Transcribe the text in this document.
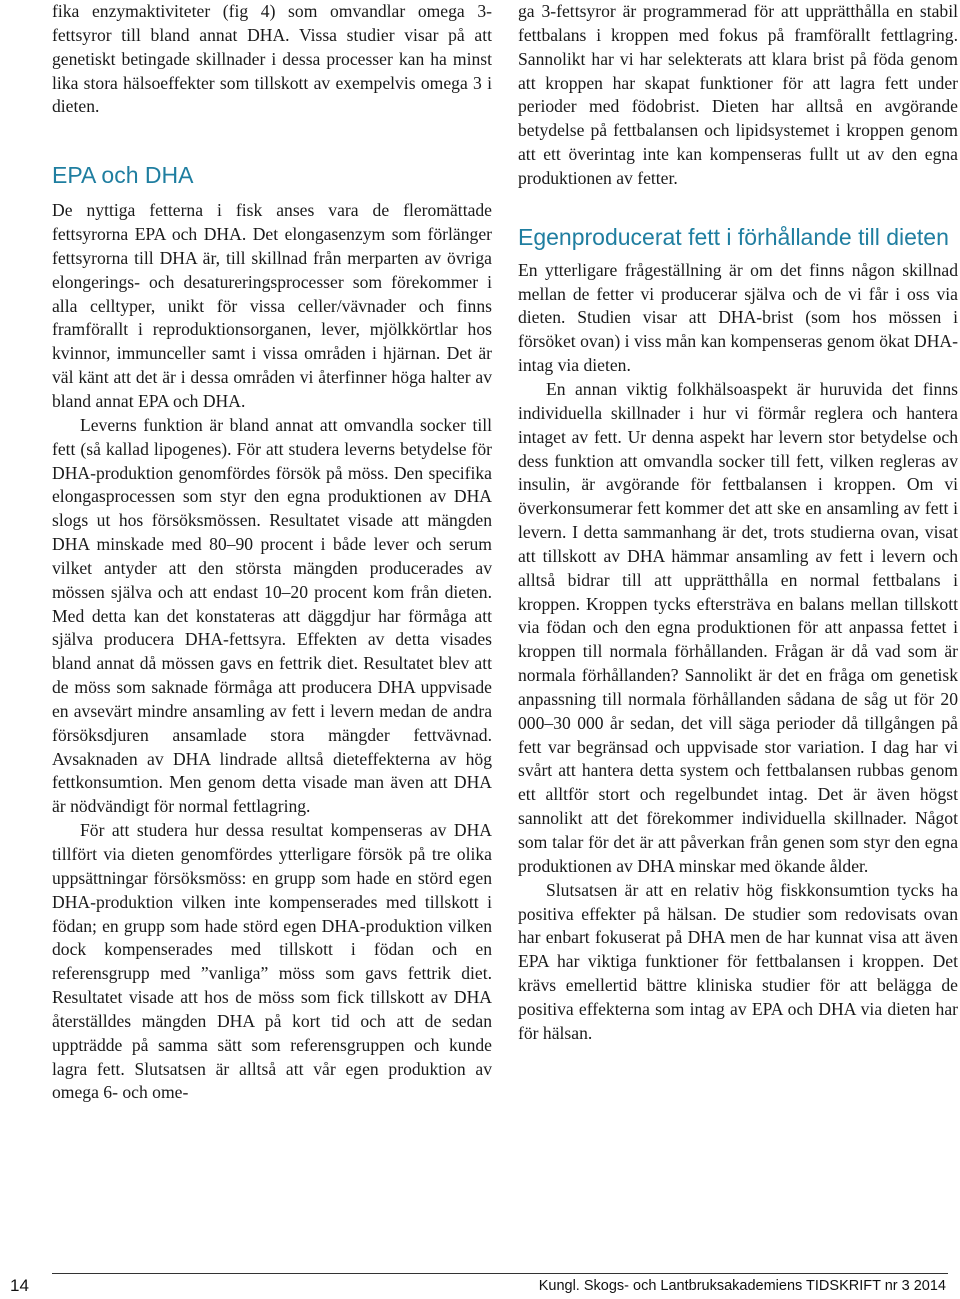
fika enzymaktiviteter (fig 4) som omvandlar omega 3-fettsyror till bland annat DHA. Vissa studier visar på att genetiskt betingade skillnader i dessa processer kan ha minst lika stora hälsoeffekter som tillskott av exempelvis omega 3 i dieten.

EPA och DHA

De nyttiga fetterna i fisk anses vara de fleromättade fettsyrorna EPA och DHA. Det elongasenzym som förlänger fettsyrorna till DHA är, till skillnad från merparten av övriga elongerings- och desatureringsprocesser som förekommer i alla celltyper, unikt för vissa celler/vävnader och finns framförallt i reproduktionsorganen, lever, mjölkkörtlar hos kvinnor, immunceller samt i vissa områden i hjärnan. Det är väl känt att det är i dessa områden vi återfinner höga halter av bland annat EPA och DHA.

Leverns funktion är bland annat att omvandla socker till fett (så kallad lipogenes). För att studera leverns betydelse för DHA-produktion genomfördes försök på möss. Den specifika elongasprocessen som styr den egna produktionen av DHA slogs ut hos försöksmössen. Resultatet visade att mängden DHA minskade med 80–90 procent i både lever och serum vilket antyder att den största mängden producerades av mössen själva och att endast 10–20 procent kom från dieten. Med detta kan det konstateras att däggdjur har förmåga att själva producera DHA-fettsyra. Effekten av detta visades bland annat då mössen gavs en fettrik diet. Resultatet blev att de möss som saknade förmåga att producera DHA uppvisade en avsevärt mindre ansamling av fett i levern medan de andra försöksdjuren ansamlade stora mängder fettvävnad. Avsaknaden av DHA lindrade alltså dieteffekterna av hög fettkonsumtion. Men genom detta visade man även att DHA är nödvändigt för normal fettlagring.

För att studera hur dessa resultat kompenseras av DHA tillfört via dieten genomfördes ytterligare försök på tre olika uppsättningar försöksmöss: en grupp som hade en störd egen DHA-produktion vilken inte kompenserades med tillskott i födan; en grupp som hade störd egen DHA-produktion vilken dock kompenserades med tillskott i födan och en referensgrupp med ”vanliga” möss som gavs fettrik diet. Resultatet visade att hos de möss som fick tillskott av DHA återställdes mängden DHA på kort tid och att de sedan uppträdde på samma sätt som referensgruppen och kunde lagra fett. Slutsatsen är alltså att vår egen produktion av omega 6- och ome-

ga 3-fettsyror är programmerad för att upprätthålla en stabil fettbalans i kroppen med fokus på framförallt fettlagring. Sannolikt har vi har selekterats att klara brist på föda genom att kroppen har skapat funktioner för att lagra fett under perioder med födobrist. Dieten har alltså en avgörande betydelse på fettbalansen och lipidsystemet i kroppen genom att ett överintag inte kan kompenseras fullt ut av den egna produktionen av fetter.

Egenproducerat fett i förhållande till dieten

En ytterligare frågeställning är om det finns någon skillnad mellan de fetter vi producerar själva och de vi får i oss via dieten. Studien visar att DHA-brist (som hos mössen i försöket ovan) i viss mån kan kompenseras genom ökat DHA-intag via dieten.

En annan viktig folkhälsoaspekt är huruvida det finns individuella skillnader i hur vi förmår reglera och hantera intaget av fett. Ur denna aspekt har levern stor betydelse och dess funktion att omvandla socker till fett, vilken regleras av insulin, är avgörande för fettbalansen i kroppen. Om vi överkonsumerar fett kommer det att ske en ansamling av fett i levern. I detta sammanhang är det, trots studierna ovan, visat att tillskott av DHA hämmar ansamling av fett i levern och alltså bidrar till att upprätthålla en normal fettbalans i kroppen. Kroppen tycks eftersträva en balans mellan tillskott via födan och den egna produktionen för att anpassa fettet i kroppen till normala förhållanden. Frågan är då vad som är normala förhållanden? Sannolikt är det en fråga om genetisk anpassning till normala förhållanden sådana de såg ut för 20 000–30 000 år sedan, det vill säga perioder då tillgången på fett var begränsad och uppvisade stor variation. I dag har vi svårt att hantera detta system och fettbalansen rubbas genom ett alltför stort och regelbundet intag. Det är även högst sannolikt att det förekommer individuella skillnader. Något som talar för det är att påverkan från genen som styr den egna produktionen av DHA minskar med ökande ålder.

Slutsatsen är att en relativ hög fiskkonsumtion tycks ha positiva effekter på hälsan. De studier som redovisats ovan har enbart fokuserat på DHA men de har kunnat visa att även EPA har viktiga funktioner för fettbalansen i kroppen. Det krävs emellertid bättre kliniska studier för att belägga de positiva effekterna som intag av EPA och DHA via dieten har för hälsan.

14	Kungl. Skogs- och Lantbruksakademiens TIDSKRIFT nr 3 2014
